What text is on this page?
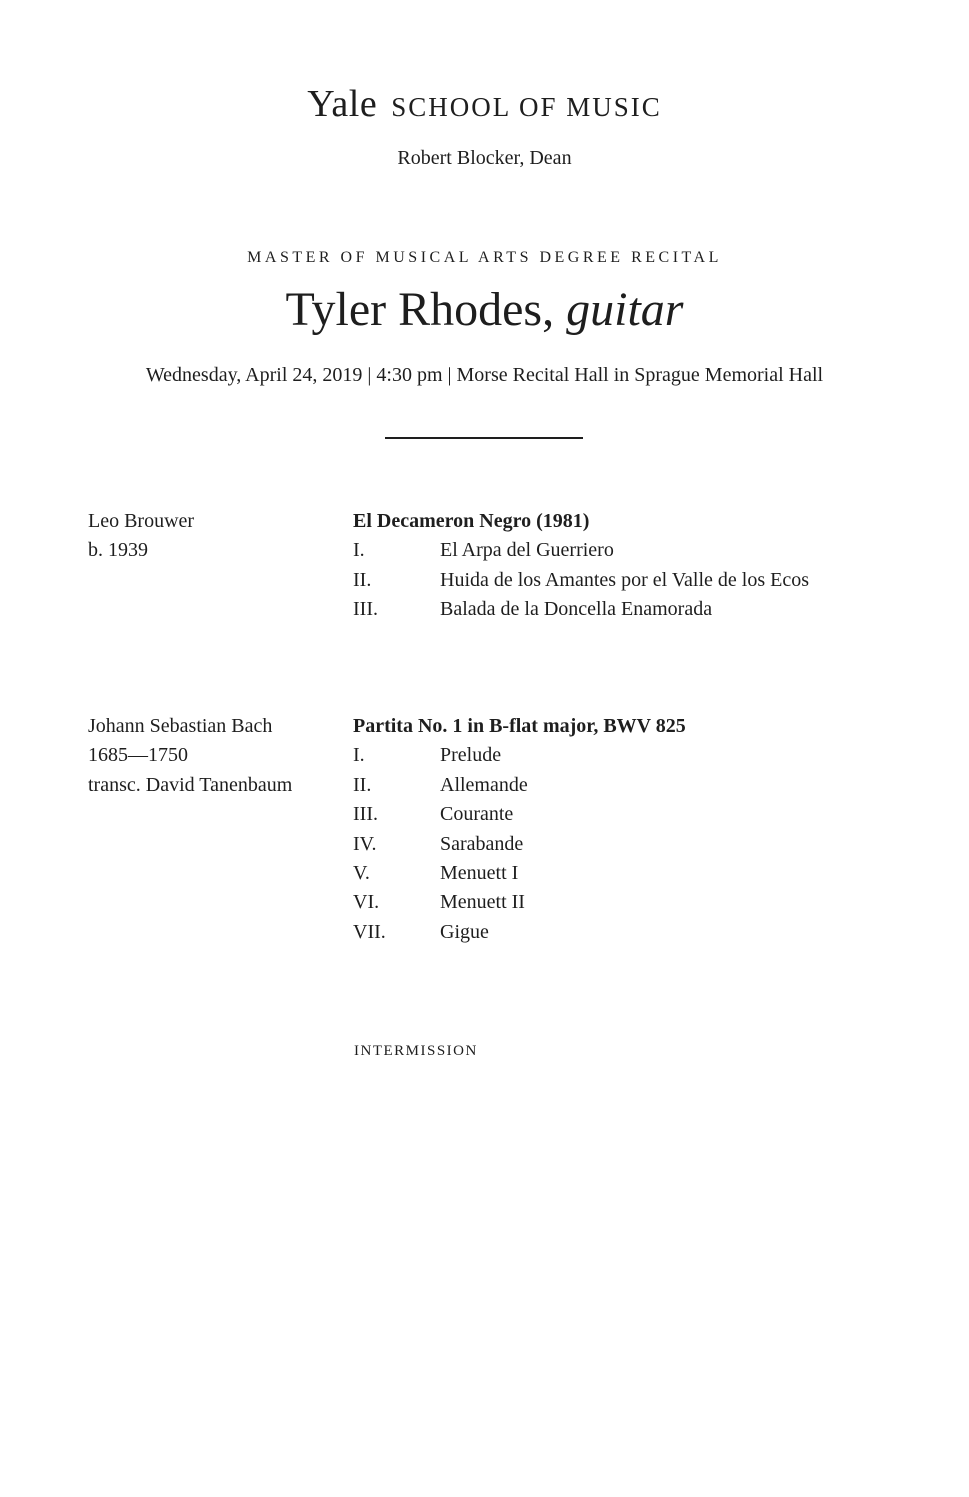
Yale SCHOOL OF MUSIC
Robert Blocker, Dean
MASTER OF MUSICAL ARTS DEGREE RECITAL
Tyler Rhodes, guitar
Wednesday, April 24, 2019 | 4:30 pm | Morse Recital Hall in Sprague Memorial Hall
Leo Brouwer
b. 1939
El Decameron Negro (1981)
I.	El Arpa del Guerriero
II.	Huida de los Amantes por el Valle de los Ecos
III.	Balada de la Doncella Enamorada
Johann Sebastian Bach
1685—1750
transc. David Tanenbaum
Partita No. 1 in B-flat major, BWV 825
I.	Prelude
II.	Allemande
III.	Courante
IV.	Sarabande
V.	Menuett I
VI.	Menuett II
VII.	Gigue
INTERMISSION
